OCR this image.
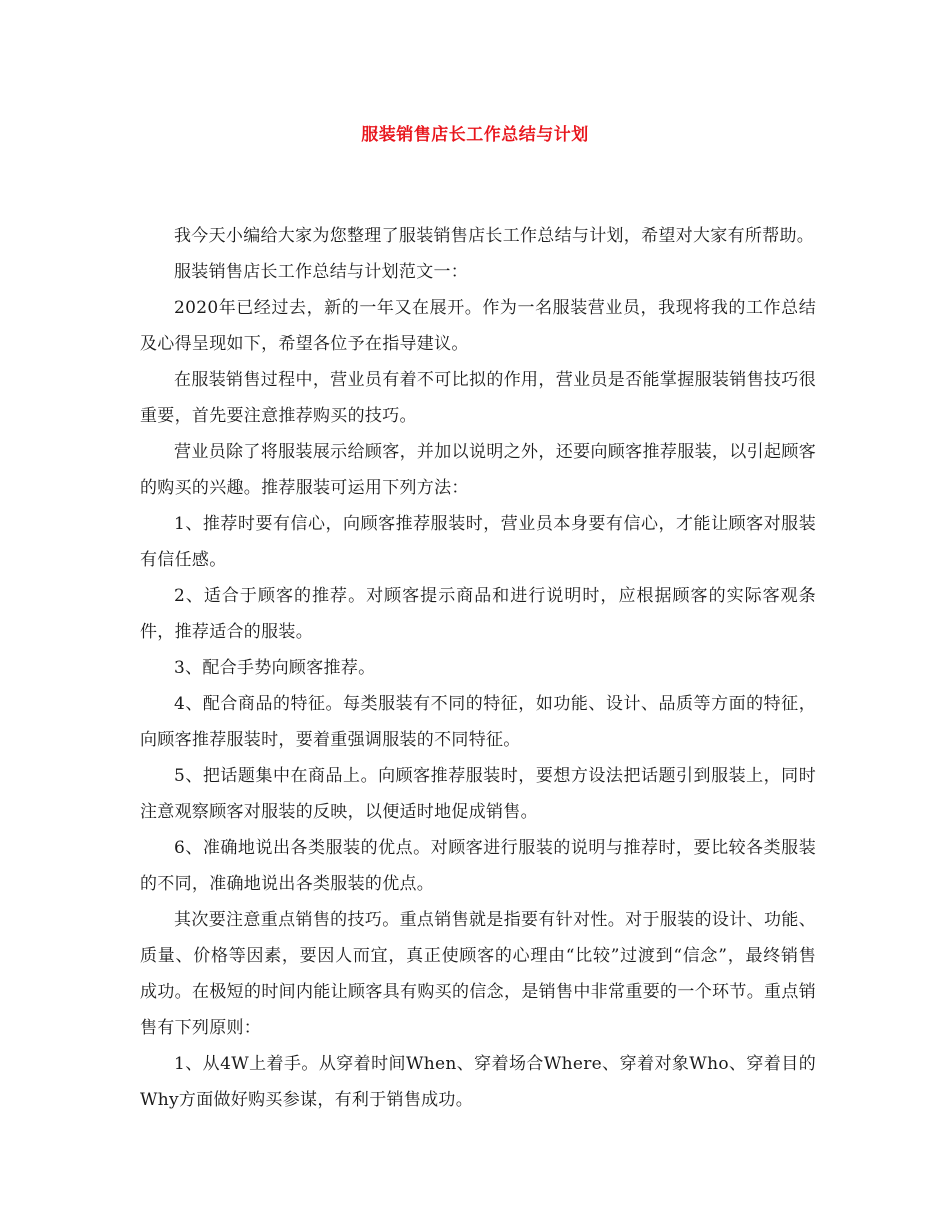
服装销售店长工作总结与计划

我今天小编给大家为您整理了服装销售店长工作总结与计划，希望对大家有所帮助。

服装销售店长工作总结与计划范文一：

2020年已经过去，新的一年又在展开。作为一名服装营业员，我现将我的工作总结及心得呈现如下，希望各位予在指导建议。

在服装销售过程中，营业员有着不可比拟的作用，营业员是否能掌握服装销售技巧很重要，首先要注意推荐购买的技巧。

营业员除了将服装展示给顾客，并加以说明之外，还要向顾客推荐服装，以引起顾客的购买的兴趣。推荐服装可运用下列方法：

1、推荐时要有信心，向顾客推荐服装时，营业员本身要有信心，才能让顾客对服装有信任感。

2、适合于顾客的推荐。对顾客提示商品和进行说明时，应根据顾客的实际客观条件，推荐适合的服装。

3、配合手势向顾客推荐。

4、配合商品的特征。每类服装有不同的特征，如功能、设计、品质等方面的特征，向顾客推荐服装时，要着重强调服装的不同特征。

5、把话题集中在商品上。向顾客推荐服装时，要想方设法把话题引到服装上，同时注意观察顾客对服装的反映，以便适时地促成销售。

6、准确地说出各类服装的优点。对顾客进行服装的说明与推荐时，要比较各类服装的不同，准确地说出各类服装的优点。

其次要注意重点销售的技巧。重点销售就是指要有针对性。对于服装的设计、功能、质量、价格等因素，要因人而宜，真正使顾客的心理由“比较”过渡到“信念”，最终销售成功。在极短的时间内能让顾客具有购买的信念，是销售中非常重要的一个环节。重点销售有下列原则：

1、从4W上着手。从穿着时间When、穿着场合Where、穿着对象Who、穿着目的Why方面做好购买参谋，有利于销售成功。
